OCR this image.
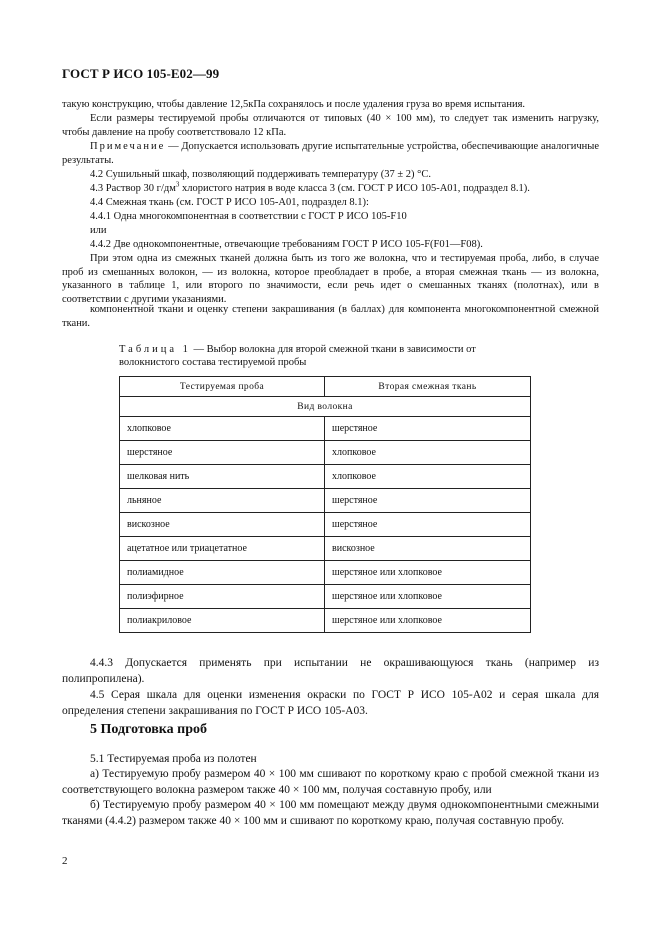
ГОСТ Р ИСО 105-Е02—99
такую конструкцию, чтобы давление 12,5кПа сохранялось и после удаления груза во время испытания.
Если размеры тестируемой пробы отличаются от типовых (40 × 100 мм), то следует так изменить нагрузку, чтобы давление на пробу соответствовало 12 кПа.
Примечание — Допускается использовать другие испытательные устройства, обеспечивающие аналогичные результаты.
4.2 Сушильный шкаф, позволяющий поддерживать температуру (37 ± 2) °С.
4.3 Раствор 30 $г/дм^3$ хлористого натрия в воде класса 3 (см. ГОСТ Р ИСО 105-А01, подраздел 8.1).
4.4 Смежная ткань (см. ГОСТ Р ИСО 105-А01, подраздел 8.1):
4.4.1 Одна многокомпонентная в соответствии с ГОСТ Р ИСО 105-F10
или
4.4.2 Две однокомпонентные, отвечающие требованиям ГОСТ Р ИСО 105-F(F01—F08).
При этом одна из смежных тканей должна быть из того же волокна, что и тестируемая проба, либо, в случае проб из смешанных волокон, — из волокна, которое преобладает в пробе, а вторая смежная ткань — из волокна, указанного в таблице 1, или второго по значимости, если речь идет о смешанных тканях (полотнах), или в соответствии с другими указаниями.
компонентной ткани и оценку степени закрашивания (в баллах) для компонента многокомпонентной смежной ткани.
Таблица 1 — Выбор волокна для второй смежной ткани в зависимости от волокнистого состава тестируемой пробы
Тестируемая проба	Вторая смежная ткань
Вид волокна	
хлопковое	шерстяное
шерстяное	хлопковое
шелковая нить	хлопковое
льняное	шерстяное
вискозное	шерстяное
ацетатное или триацетатное	вискозное
полиамидное	шерстяное или хлопковое
полиэфирное	шерстяное или хлопковое
полиакриловое	шерстяное или хлопковое
4.4.3 Допускается применять при испытании не окрашивающуюся ткань (например из полипропилена).
4.5 Серая шкала для оценки изменения окраски по ГОСТ Р ИСО 105-А02 и серая шкала для определения степени закрашивания по ГОСТ Р ИСО 105-А03.
5 Подготовка проб
5.1 Тестируемая проба из полотен
а) Тестируемую пробу размером 40 × 100 мм сшивают по короткому краю с пробой смежной ткани из соответствующего волокна размером также 40 × 100 мм, получая составную пробу, или
б) Тестируемую пробу размером 40 × 100 мм помещают между двумя однокомпонентными смежными тканями (4.4.2) размером также 40 × 100 мм и сшивают по короткому краю, получая составную пробу.
2
